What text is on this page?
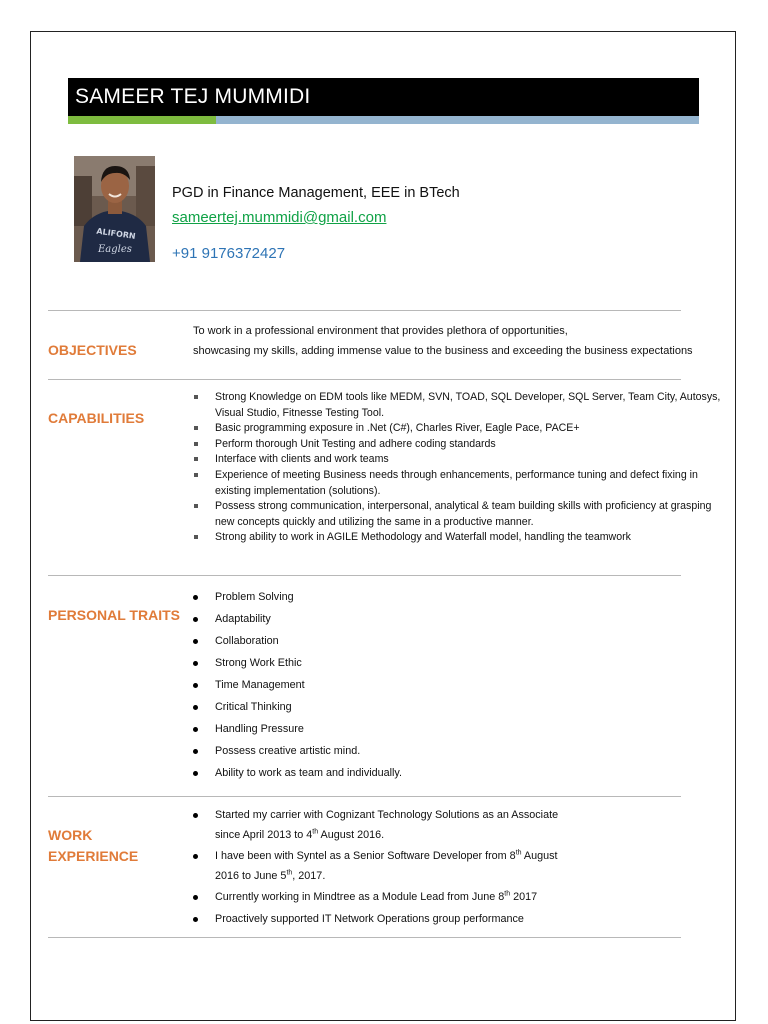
SAMEER TEJ MUMMIDI
ALIFORN
Eagles
PGD in Finance Management, EEE in BTech
sameertej.mummidi@gmail.com
+91 9176372427
OBJECTIVES
To work in a professional environment that provides plethora of opportunities,
showcasing my skills, adding immense value to the business and exceeding the business expectations
CAPABILITIES
Strong Knowledge on EDM tools like MEDM, SVN, TOAD, SQL Developer, SQL Server, Team City, Autosys, Visual Studio, Fitnesse Testing Tool.
Basic programming exposure in .Net (C#), Charles River, Eagle Pace, PACE+
Perform thorough Unit Testing and adhere coding standards
Interface with clients and work teams
Experience of meeting Business needs through enhancements, performance tuning and defect fixing in existing implementation (solutions).
Possess strong communication, interpersonal, analytical & team building skills with proficiency at grasping new concepts quickly and utilizing the same in a productive manner.
Strong ability to work in AGILE Methodology and Waterfall model, handling the teamwork
PERSONAL TRAITS
Problem Solving
Adaptability
Collaboration
Strong Work Ethic
Time Management
Critical Thinking
Handling Pressure
Possess creative artistic mind.
Ability to work as team and individually.
WORK
EXPERIENCE
Started my carrier with Cognizant Technology Solutions as an Associate
since April 2013 to 4th August 2016.
I have been with Syntel as a Senior Software Developer from 8th August
2016 to June 5th, 2017.
Currently working in Mindtree as a Module Lead from June 8th 2017
Proactively supported IT Network Operations group performance
